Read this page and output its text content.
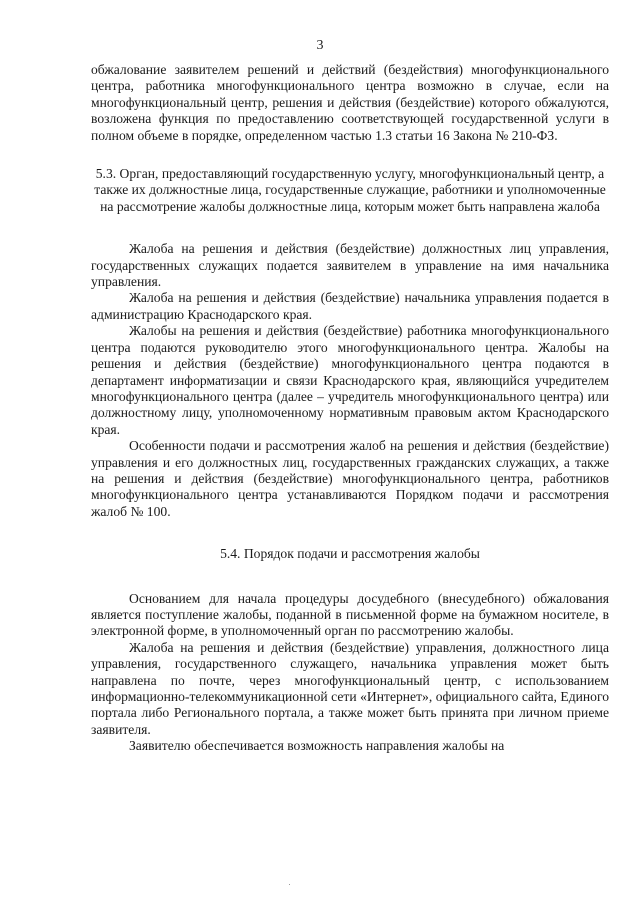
3

обжалование заявителем решений и действий (бездействия) многофункционального центра, работника многофункционального центра возможно в случае, если на многофункциональный центр, решения и действия (бездействие) которого обжалуются, возложена функция по предоставлению соответствующей государственной услуги в полном объеме в порядке, определенном частью 1.3 статьи 16 Закона № 210-ФЗ.

5.3. Орган, предоставляющий государственную услугу, многофункциональный центр, а также их должностные лица, государственные служащие, работники и уполномоченные на рассмотрение жалобы должностные лица, которым может быть направлена жалоба

Жалоба на решения и действия (бездействие) должностных лиц управления, государственных служащих подается заявителем в управление на имя начальника управления.

Жалоба на решения и действия (бездействие) начальника управления подается в администрацию Краснодарского края.

Жалобы на решения и действия (бездействие) работника многофункционального центра подаются руководителю этого многофункционального центра. Жалобы на решения и действия (бездействие) многофункционального центра подаются в департамент информатизации и связи Краснодарского края, являющийся учредителем многофункционального центра (далее – учредитель многофункционального центра) или должностному лицу, уполномоченному нормативным правовым актом Краснодарского края.

Особенности подачи и рассмотрения жалоб на решения и действия (бездействие) управления и его должностных лиц, государственных гражданских служащих, а также на решения и действия (бездействие) многофункционального центра, работников многофункционального центра устанавливаются Порядком подачи и рассмотрения жалоб № 100.

5.4. Порядок подачи и рассмотрения жалобы

Основанием для начала процедуры досудебного (внесудебного) обжалования является поступление жалобы, поданной в письменной форме на бумажном носителе, в электронной форме, в уполномоченный орган по рассмотрению жалобы.

Жалоба на решения и действия (бездействие) управления, должностного лица управления, государственного служащего, начальника управления может быть направлена по почте, через многофункциональный центр, с использованием информационно-телекоммуникационной сети «Интернет», официального сайта, Единого портала либо Регионального портала, а также может быть принята при личном приеме заявителя.

Заявителю обеспечивается возможность направления жалобы на
